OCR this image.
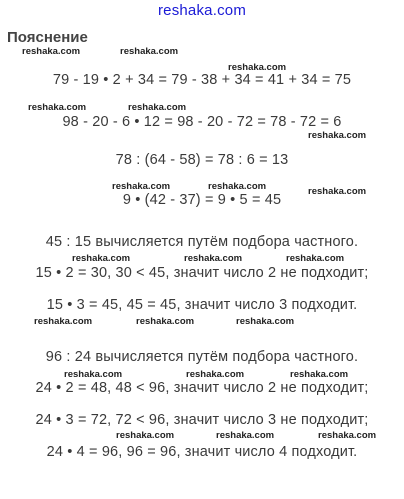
reshaka.com
Пояснение
reshaka.com	reshaka.com
reshaka.com
reshaka.com	reshaka.com
reshaka.com
reshaka.com	reshaka.com	reshaka.com
reshaka.com	reshaka.com	reshaka.com
reshaka.com	reshaka.com	reshaka.com
reshaka.com	reshaka.com	reshaka.com
reshaka.com	reshaka.com	reshaka.com
79 - 19 • 2 + 34 = 79 - 38 + 34 = 41 + 34 = 75
98 - 20 - 6 • 12 = 98 - 20 - 72 = 78 - 72 = 6
78 : (64 - 58) = 78 : 6 = 13
9 • (42 - 37) = 9 • 5 = 45
45 : 15 вычисляется путём подбора частного.
15 • 2 = 30, 30 < 45, значит число 2 не подходит;
15 • 3 = 45, 45 = 45, значит число 3 подходит.
96 : 24 вычисляется путём подбора частного.
24 • 2 = 48, 48 < 96, значит число 2 не подходит;
24 • 3 = 72, 72 < 96, значит число 3 не подходит;
24 • 4 = 96, 96 = 96, значит число 4 подходит.
